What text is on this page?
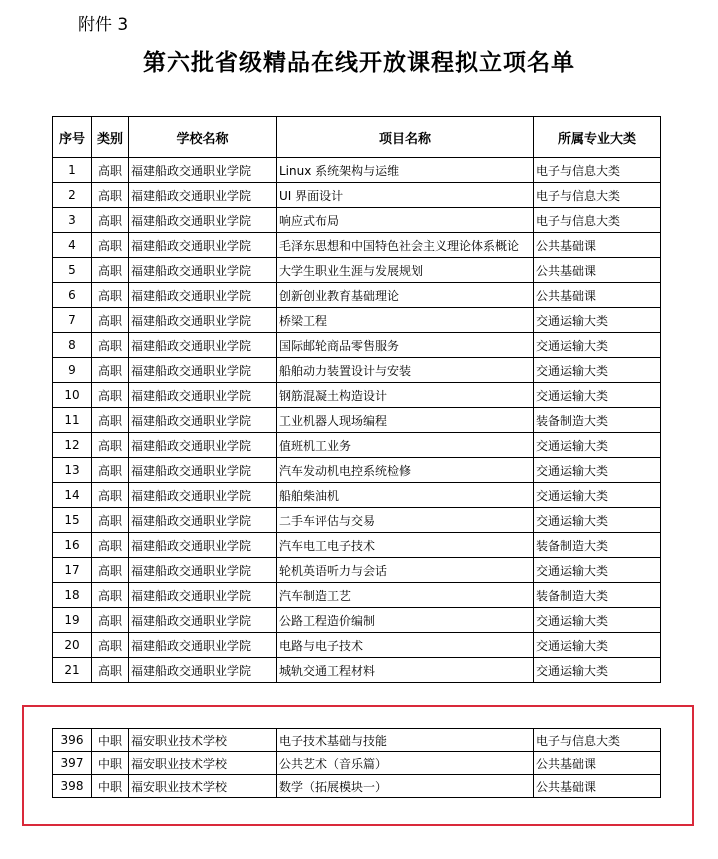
附件 3
第六批省级精品在线开放课程拟立项名单
序号	类别	学校名称	项目名称	所属专业大类
1	高职	福建船政交通职业学院	Linux 系统架构与运维	电子与信息大类
2	高职	福建船政交通职业学院	UI 界面设计	电子与信息大类
3	高职	福建船政交通职业学院	响应式布局	电子与信息大类
4	高职	福建船政交通职业学院	毛泽东思想和中国特色社会主义理论体系概论	公共基础课
5	高职	福建船政交通职业学院	大学生职业生涯与发展规划	公共基础课
6	高职	福建船政交通职业学院	创新创业教育基础理论	公共基础课
7	高职	福建船政交通职业学院	桥梁工程	交通运输大类
8	高职	福建船政交通职业学院	国际邮轮商品零售服务	交通运输大类
9	高职	福建船政交通职业学院	船舶动力装置设计与安装	交通运输大类
10	高职	福建船政交通职业学院	钢筋混凝土构造设计	交通运输大类
11	高职	福建船政交通职业学院	工业机器人现场编程	装备制造大类
12	高职	福建船政交通职业学院	值班机工业务	交通运输大类
13	高职	福建船政交通职业学院	汽车发动机电控系统检修	交通运输大类
14	高职	福建船政交通职业学院	船舶柴油机	交通运输大类
15	高职	福建船政交通职业学院	二手车评估与交易	交通运输大类
16	高职	福建船政交通职业学院	汽车电工电子技术	装备制造大类
17	高职	福建船政交通职业学院	轮机英语听力与会话	交通运输大类
18	高职	福建船政交通职业学院	汽车制造工艺	装备制造大类
19	高职	福建船政交通职业学院	公路工程造价编制	交通运输大类
20	高职	福建船政交通职业学院	电路与电子技术	交通运输大类
21	高职	福建船政交通职业学院	城轨交通工程材料	交通运输大类
396	中职	福安职业技术学校	电子技术基础与技能	电子与信息大类
397	中职	福安职业技术学校	公共艺术（音乐篇）	公共基础课
398	中职	福安职业技术学校	数学（拓展模块一）	公共基础课
